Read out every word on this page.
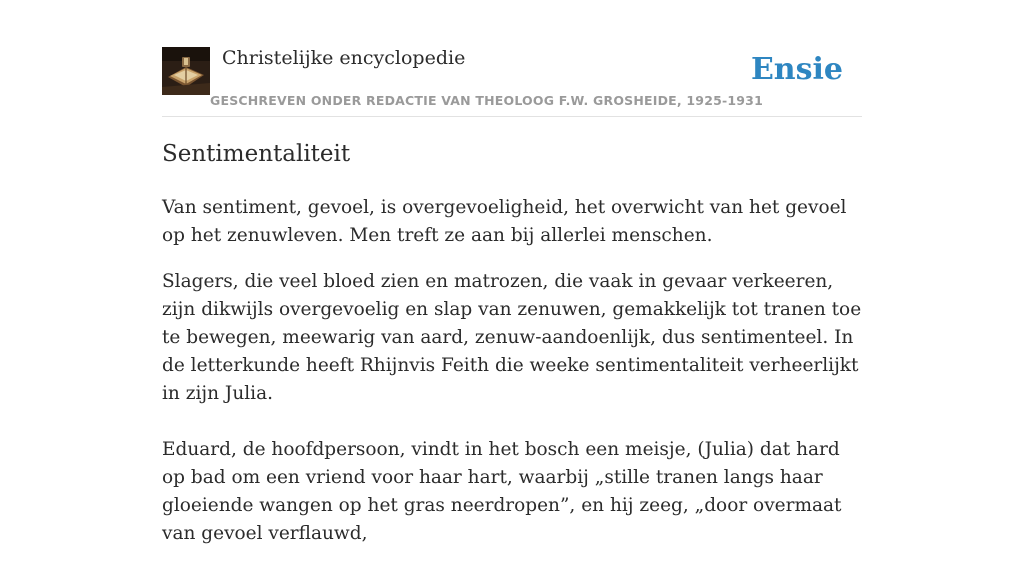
Christelijke encyclopedie
GESCHREVEN ONDER REDACTIE VAN THEOLOOG F.W. GROSHEIDE, 1925-1931
Ensie
Sentimentaliteit

Van sentiment, gevoel, is overgevoeligheid, het overwicht van het gevoel op het zenuwleven. Men treft ze aan bij allerlei menschen.

Slagers, die veel bloed zien en matrozen, die vaak in gevaar verkeeren, zijn dikwijls overgevoelig en slap van zenuwen, gemakkelijk tot tranen toe te bewegen, meewarig van aard, zenuw-aandoenlijk, dus sentimenteel. In de letterkunde heeft Rhijnvis Feith die weeke sentimentaliteit verheerlijkt in zijn Julia.

Eduard, de hoofdpersoon, vindt in het bosch een meisje, (Julia) dat hard op bad om een vriend voor haar hart, waarbij „stille tranen langs haar gloeiende wangen op het gras neerdropen”, en hij zeeg, „door overmaat van gevoel verflauwd,
